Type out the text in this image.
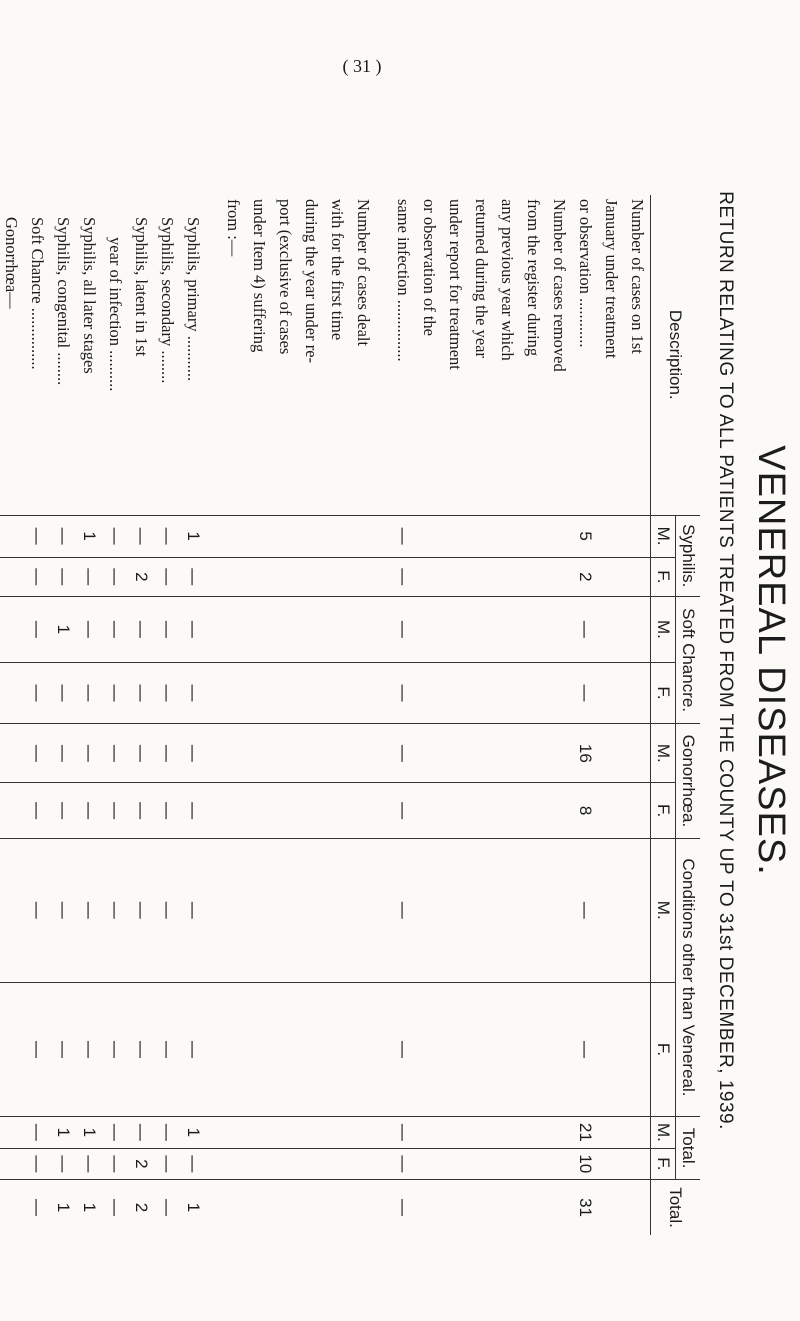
( 31 )
VENEREAL DISEASES.
RETURN RELATING TO ALL PATIENTS TREATED FROM THE COUNTY UP TO 31st DECEMBER, 1939.
Description.	Syphilis.		Soft Chancre.		Gonorrhœa.		Conditions other than Venereal.		Total.		Total.
	M.	F.	M.	F.	M.	F.	M.	F.	M.	F.	
Number of cases on 1st											
January under treatment											
or observation ............	5	2	—	—	16	8	—	—	21	10	31
Number of cases removed											
from the register during											
any previous year which											
returned during the year											
under report for treatment											
or observation of the											
same infection ...............	—	—	—	—	—	—	—	—	—	—	—

Number of cases dealt											
with for the first time											
during the year under re-											
port (exclusive of cases											
under Item 4) suffering											
from :—											

Syphilis, primary ...........	1	—	—	—	—	—	—	—	1	—	1
Syphilis, secondary ........	—	—	—	—	—	—	—	—	—	—	—
Syphilis, latent in 1st	—	2	—	—	—	—	—	—	—	2	2
year of infection ..........	—	—	—	—	—	—	—	—	—	—	—
Syphilis, all later stages	1	—	—	—	—	—	—	—	1	—	1
Syphilis, congenital ........	—	—	1	—	—	—	—	—	1	—	1
Soft Chancre ...............	—	—	—	—	—	—	—	—	—	—	—
Gonorrhœa—											
